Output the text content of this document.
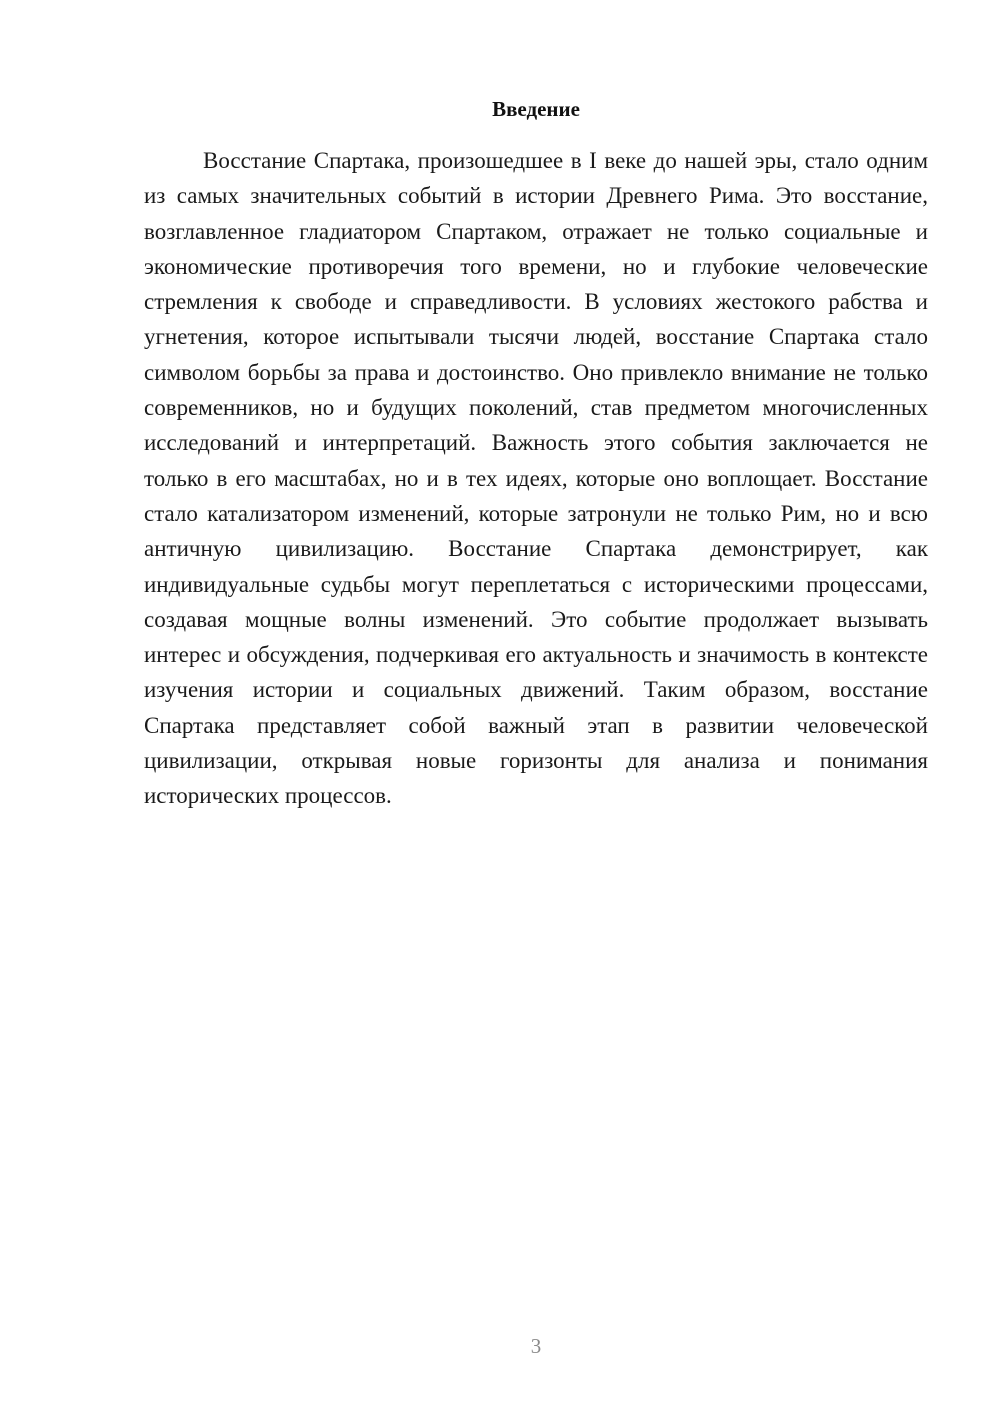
Введение

Восстание Спартака, произошедшее в I веке до нашей эры, стало одним из самых значительных событий в истории Древнего Рима. Это восстание, возглавленное гладиатором Спартаком, отражает не только социальные и экономические противоречия того времени, но и глубокие человеческие стремления к свободе и справедливости. В условиях жестокого рабства и угнетения, которое испытывали тысячи людей, восстание Спартака стало символом борьбы за права и достоинство. Оно привлекло внимание не только современников, но и будущих поколений, став предметом многочисленных исследований и интерпретаций. Важность этого события заключается не только в его масштабах, но и в тех идеях, которые оно воплощает. Восстание стало катализатором изменений, которые затронули не только Рим, но и всю античную цивилизацию. Восстание Спартака демонстрирует, как индивидуальные судьбы могут переплетаться с историческими процессами, создавая мощные волны изменений. Это событие продолжает вызывать интерес и обсуждения, подчеркивая его актуальность и значимость в контексте изучения истории и социальных движений. Таким образом, восстание Спартака представляет собой важный этап в развитии человеческой цивилизации, открывая новые горизонты для анализа и понимания исторических процессов.

3
